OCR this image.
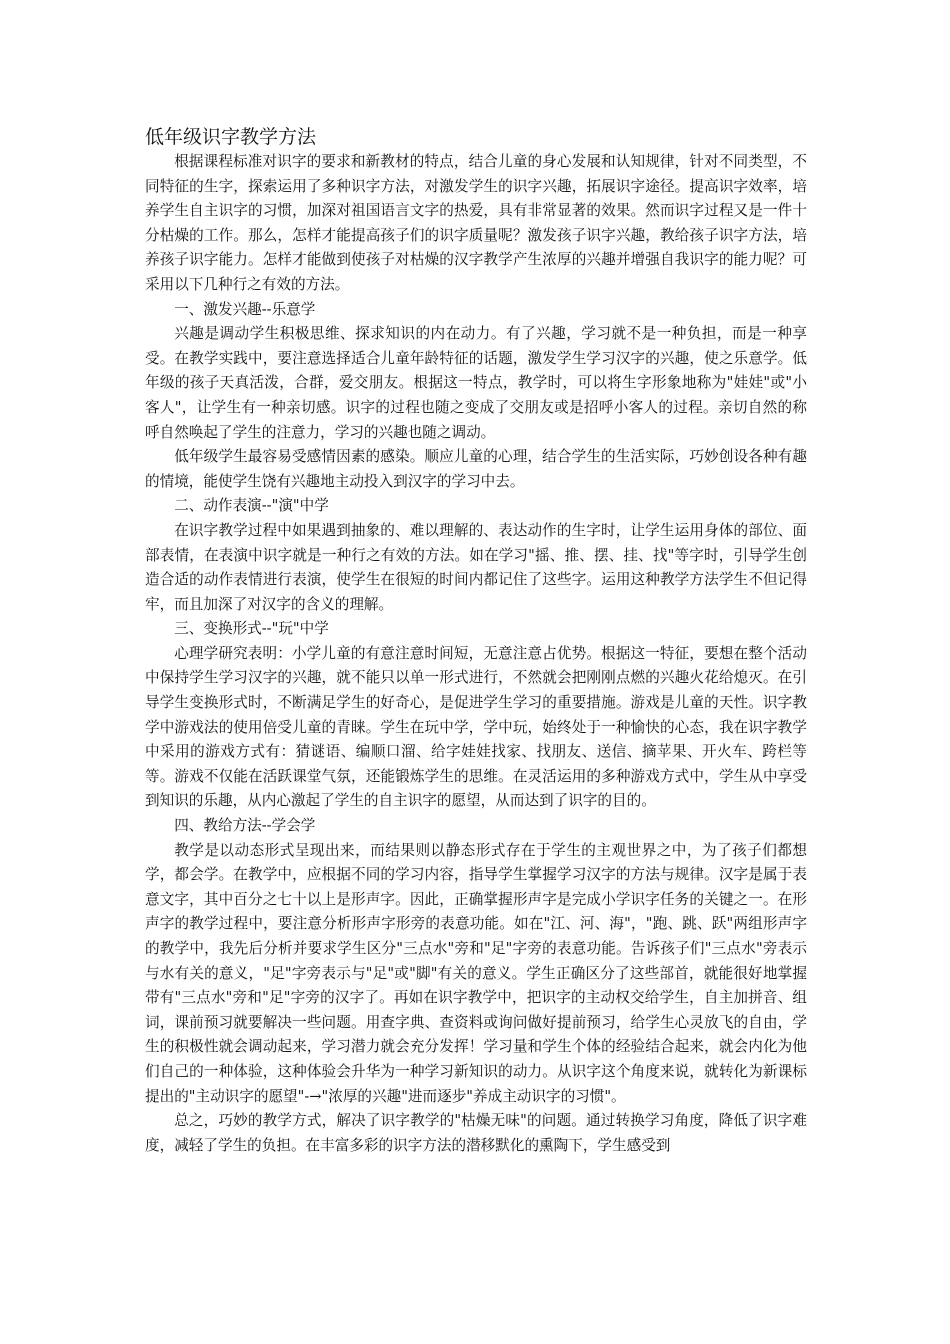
低年级识字教学方法

根据课程标准对识字的要求和新教材的特点，结合儿童的身心发展和认知规律，针对不同类型，不同特征的生字，探索运用了多种识字方法，对激发学生的识字兴趣，拓展识字途径。提高识字效率，培养学生自主识字的习惯，加深对祖国语言文字的热爱，具有非常显著的效果。然而识字过程又是一件十分枯燥的工作。那么，怎样才能提高孩子们的识字质量呢？激发孩子识字兴趣，教给孩子识字方法，培养孩子识字能力。怎样才能做到使孩子对枯燥的汉字教学产生浓厚的兴趣并增强自我识字的能力呢？可采用以下几种行之有效的方法。

一、激发兴趣--乐意学

兴趣是调动学生积极思维、探求知识的内在动力。有了兴趣，学习就不是一种负担，而是一种享受。在教学实践中，要注意选择适合儿童年龄特征的话题，激发学生学习汉字的兴趣，使之乐意学。低年级的孩子天真活泼，合群，爱交朋友。根据这一特点，教学时，可以将生字形象地称为"娃娃"或"小客人"，让学生有一种亲切感。识字的过程也随之变成了交朋友或是招呼小客人的过程。亲切自然的称呼自然唤起了学生的注意力，学习的兴趣也随之调动。

低年级学生最容易受感情因素的感染。顺应儿童的心理，结合学生的生活实际，巧妙创设各种有趣的情境，能使学生饶有兴趣地主动投入到汉字的学习中去。

二、动作表演--"演"中学

在识字教学过程中如果遇到抽象的、难以理解的、表达动作的生字时，让学生运用身体的部位、面部表情，在表演中识字就是一种行之有效的方法。如在学习"摇、推、摆、挂、找"等字时，引导学生创造合适的动作表情进行表演，使学生在很短的时间内都记住了这些字。运用这种教学方法学生不但记得牢，而且加深了对汉字的含义的理解。

三、变换形式--"玩"中学

心理学研究表明：小学儿童的有意注意时间短，无意注意占优势。根据这一特征，要想在整个活动中保持学生学习汉字的兴趣，就不能只以单一形式进行，不然就会把刚刚点燃的兴趣火花给熄灭。在引导学生变换形式时，不断满足学生的好奇心，是促进学生学习的重要措施。游戏是儿童的天性。识字教学中游戏法的使用倍受儿童的青睐。学生在玩中学，学中玩，始终处于一种愉快的心态，我在识字教学中采用的游戏方式有：猜谜语、编顺口溜、给字娃娃找家、找朋友、送信、摘苹果、开火车、跨栏等等。游戏不仅能在活跃课堂气氛，还能锻炼学生的思维。在灵活运用的多种游戏方式中，学生从中享受到知识的乐趣，从内心激起了学生的自主识字的愿望，从而达到了识字的目的。

四、教给方法--学会学

教学是以动态形式呈现出来，而结果则以静态形式存在于学生的主观世界之中，为了孩子们都想学，都会学。在教学中，应根据不同的学习内容，指导学生掌握学习汉字的方法与规律。汉字是属于表意文字，其中百分之七十以上是形声字。因此，正确掌握形声字是完成小学识字任务的关键之一。在形声字的教学过程中，要注意分析形声字形旁的表意功能。如在"江、河、海"，"跑、跳、跃"两组形声字的教学中，我先后分析并要求学生区分"三点水"旁和"足"字旁的表意功能。告诉孩子们"三点水"旁表示与水有关的意义，"足"字旁表示与"足"或"脚"有关的意义。学生正确区分了这些部首，就能很好地掌握带有"三点水"旁和"足"字旁的汉字了。再如在识字教学中，把识字的主动权交给学生，自主加拼音、组词，课前预习就要解决一些问题。用查字典、查资料或询问做好提前预习，给学生心灵放飞的自由，学生的积极性就会调动起来，学习潜力就会充分发挥！学习量和学生个体的经验结合起来，就会内化为他们自己的一种体验，这种体验会升华为一种学习新知识的动力。从识字这个角度来说，就转化为新课标提出的"主动识字的愿望"-→"浓厚的兴趣"进而逐步"养成主动识字的习惯"。

总之，巧妙的教学方式，解决了识字教学的"枯燥无味"的问题。通过转换学习角度，降低了识字难度，减轻了学生的负担。在丰富多彩的识字方法的潜移默化的熏陶下，学生感受到
